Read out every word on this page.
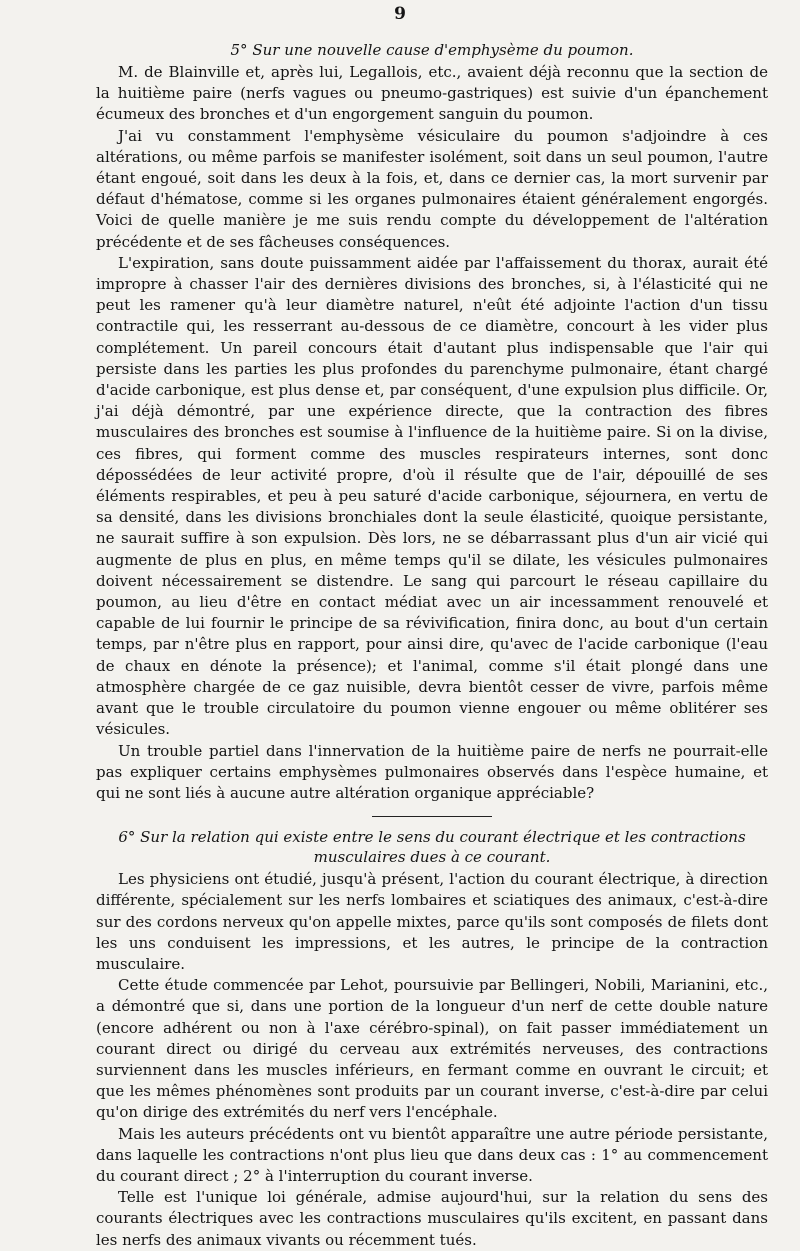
9
5° Sur une nouvelle cause d'emphysème du poumon.

M. de Blainville et, après lui, Legallois, etc., avaient déjà reconnu que la section de la huitième paire (nerfs vagues ou pneumo-gastriques) est suivie d'un épanchement écumeux des bronches et d'un engorgement sanguin du poumon.

J'ai vu constamment l'emphysème vésiculaire du poumon s'adjoindre à ces altérations, ou même parfois se manifester isolément, soit dans un seul poumon, l'autre étant engoué, soit dans les deux à la fois, et, dans ce dernier cas, la mort survenir par défaut d'hématose, comme si les organes pulmonaires étaient généralement engorgés. Voici de quelle manière je me suis rendu compte du développement de l'altération précédente et de ses fâcheuses conséquences.

L'expiration, sans doute puissamment aidée par l'affaissement du thorax, aurait été impropre à chasser l'air des dernières divisions des bronches, si, à l'élasticité qui ne peut les ramener qu'à leur diamètre naturel, n'eût été adjointe l'action d'un tissu contractile qui, les resserrant au-dessous de ce diamètre, concourt à les vider plus complétement. Un pareil concours était d'autant plus indispensable que l'air qui persiste dans les parties les plus profondes du parenchyme pulmonaire, étant chargé d'acide carbonique, est plus dense et, par conséquent, d'une expulsion plus difficile. Or, j'ai déjà démontré, par une expérience directe, que la contraction des fibres musculaires des bronches est soumise à l'influence de la huitième paire. Si on la divise, ces fibres, qui forment comme des muscles respirateurs internes, sont donc dépossédées de leur activité propre, d'où il résulte que de l'air, dépouillé de ses éléments respirables, et peu à peu saturé d'acide carbonique, séjournera, en vertu de sa densité, dans les divisions bronchiales dont la seule élasticité, quoique persistante, ne saurait suffire à son expulsion. Dès lors, ne se débarrassant plus d'un air vicié qui augmente de plus en plus, en même temps qu'il se dilate, les vésicules pulmonaires doivent nécessairement se distendre. Le sang qui parcourt le réseau capillaire du poumon, au lieu d'être en contact médiat avec un air incessamment renouvelé et capable de lui fournir le principe de sa révivification, finira donc, au bout d'un certain temps, par n'être plus en rapport, pour ainsi dire, qu'avec de l'acide carbonique (l'eau de chaux en dénote la présence); et l'animal, comme s'il était plongé dans une atmosphère chargée de ce gaz nuisible, devra bientôt cesser de vivre, parfois même avant que le trouble circulatoire du poumon vienne engouer ou même oblitérer ses vésicules.

Un trouble partiel dans l'innervation de la huitième paire de nerfs ne pourrait-elle pas expliquer certains emphysèmes pulmonaires observés dans l'espèce humaine, et qui ne sont liés à aucune autre altération organique appréciable?

6° Sur la relation qui existe entre le sens du courant électrique et les contractions musculaires dues à ce courant.

Les physiciens ont étudié, jusqu'à présent, l'action du courant électrique, à direction différente, spécialement sur les nerfs lombaires et sciatiques des animaux, c'est-à-dire sur des cordons nerveux qu'on appelle mixtes, parce qu'ils sont composés de filets dont les uns conduisent les impressions, et les autres, le principe de la contraction musculaire.

Cette étude commencée par Lehot, poursuivie par Bellingeri, Nobili, Marianini, etc., a démontré que si, dans une portion de la longueur d'un nerf de cette double nature (encore adhérent ou non à l'axe cérébro-spinal), on fait passer immédiatement un courant direct ou dirigé du cerveau aux extrémités nerveuses, des contractions surviennent dans les muscles inférieurs, en fermant comme en ouvrant le circuit; et que les mêmes phénomènes sont produits par un courant inverse, c'est-à-dire par celui qu'on dirige des extrémités du nerf vers l'encéphale.

Mais les auteurs précédents ont vu bientôt apparaître une autre période persistante, dans laquelle les contractions n'ont plus lieu que dans deux cas : 1° au commencement du courant direct ; 2° à l'interruption du courant inverse.

Telle est l'unique loi générale, admise aujourd'hui, sur la relation du sens des courants électriques avec les contractions musculaires qu'ils excitent, en passant dans les nerfs des animaux vivants ou récemment tués.
